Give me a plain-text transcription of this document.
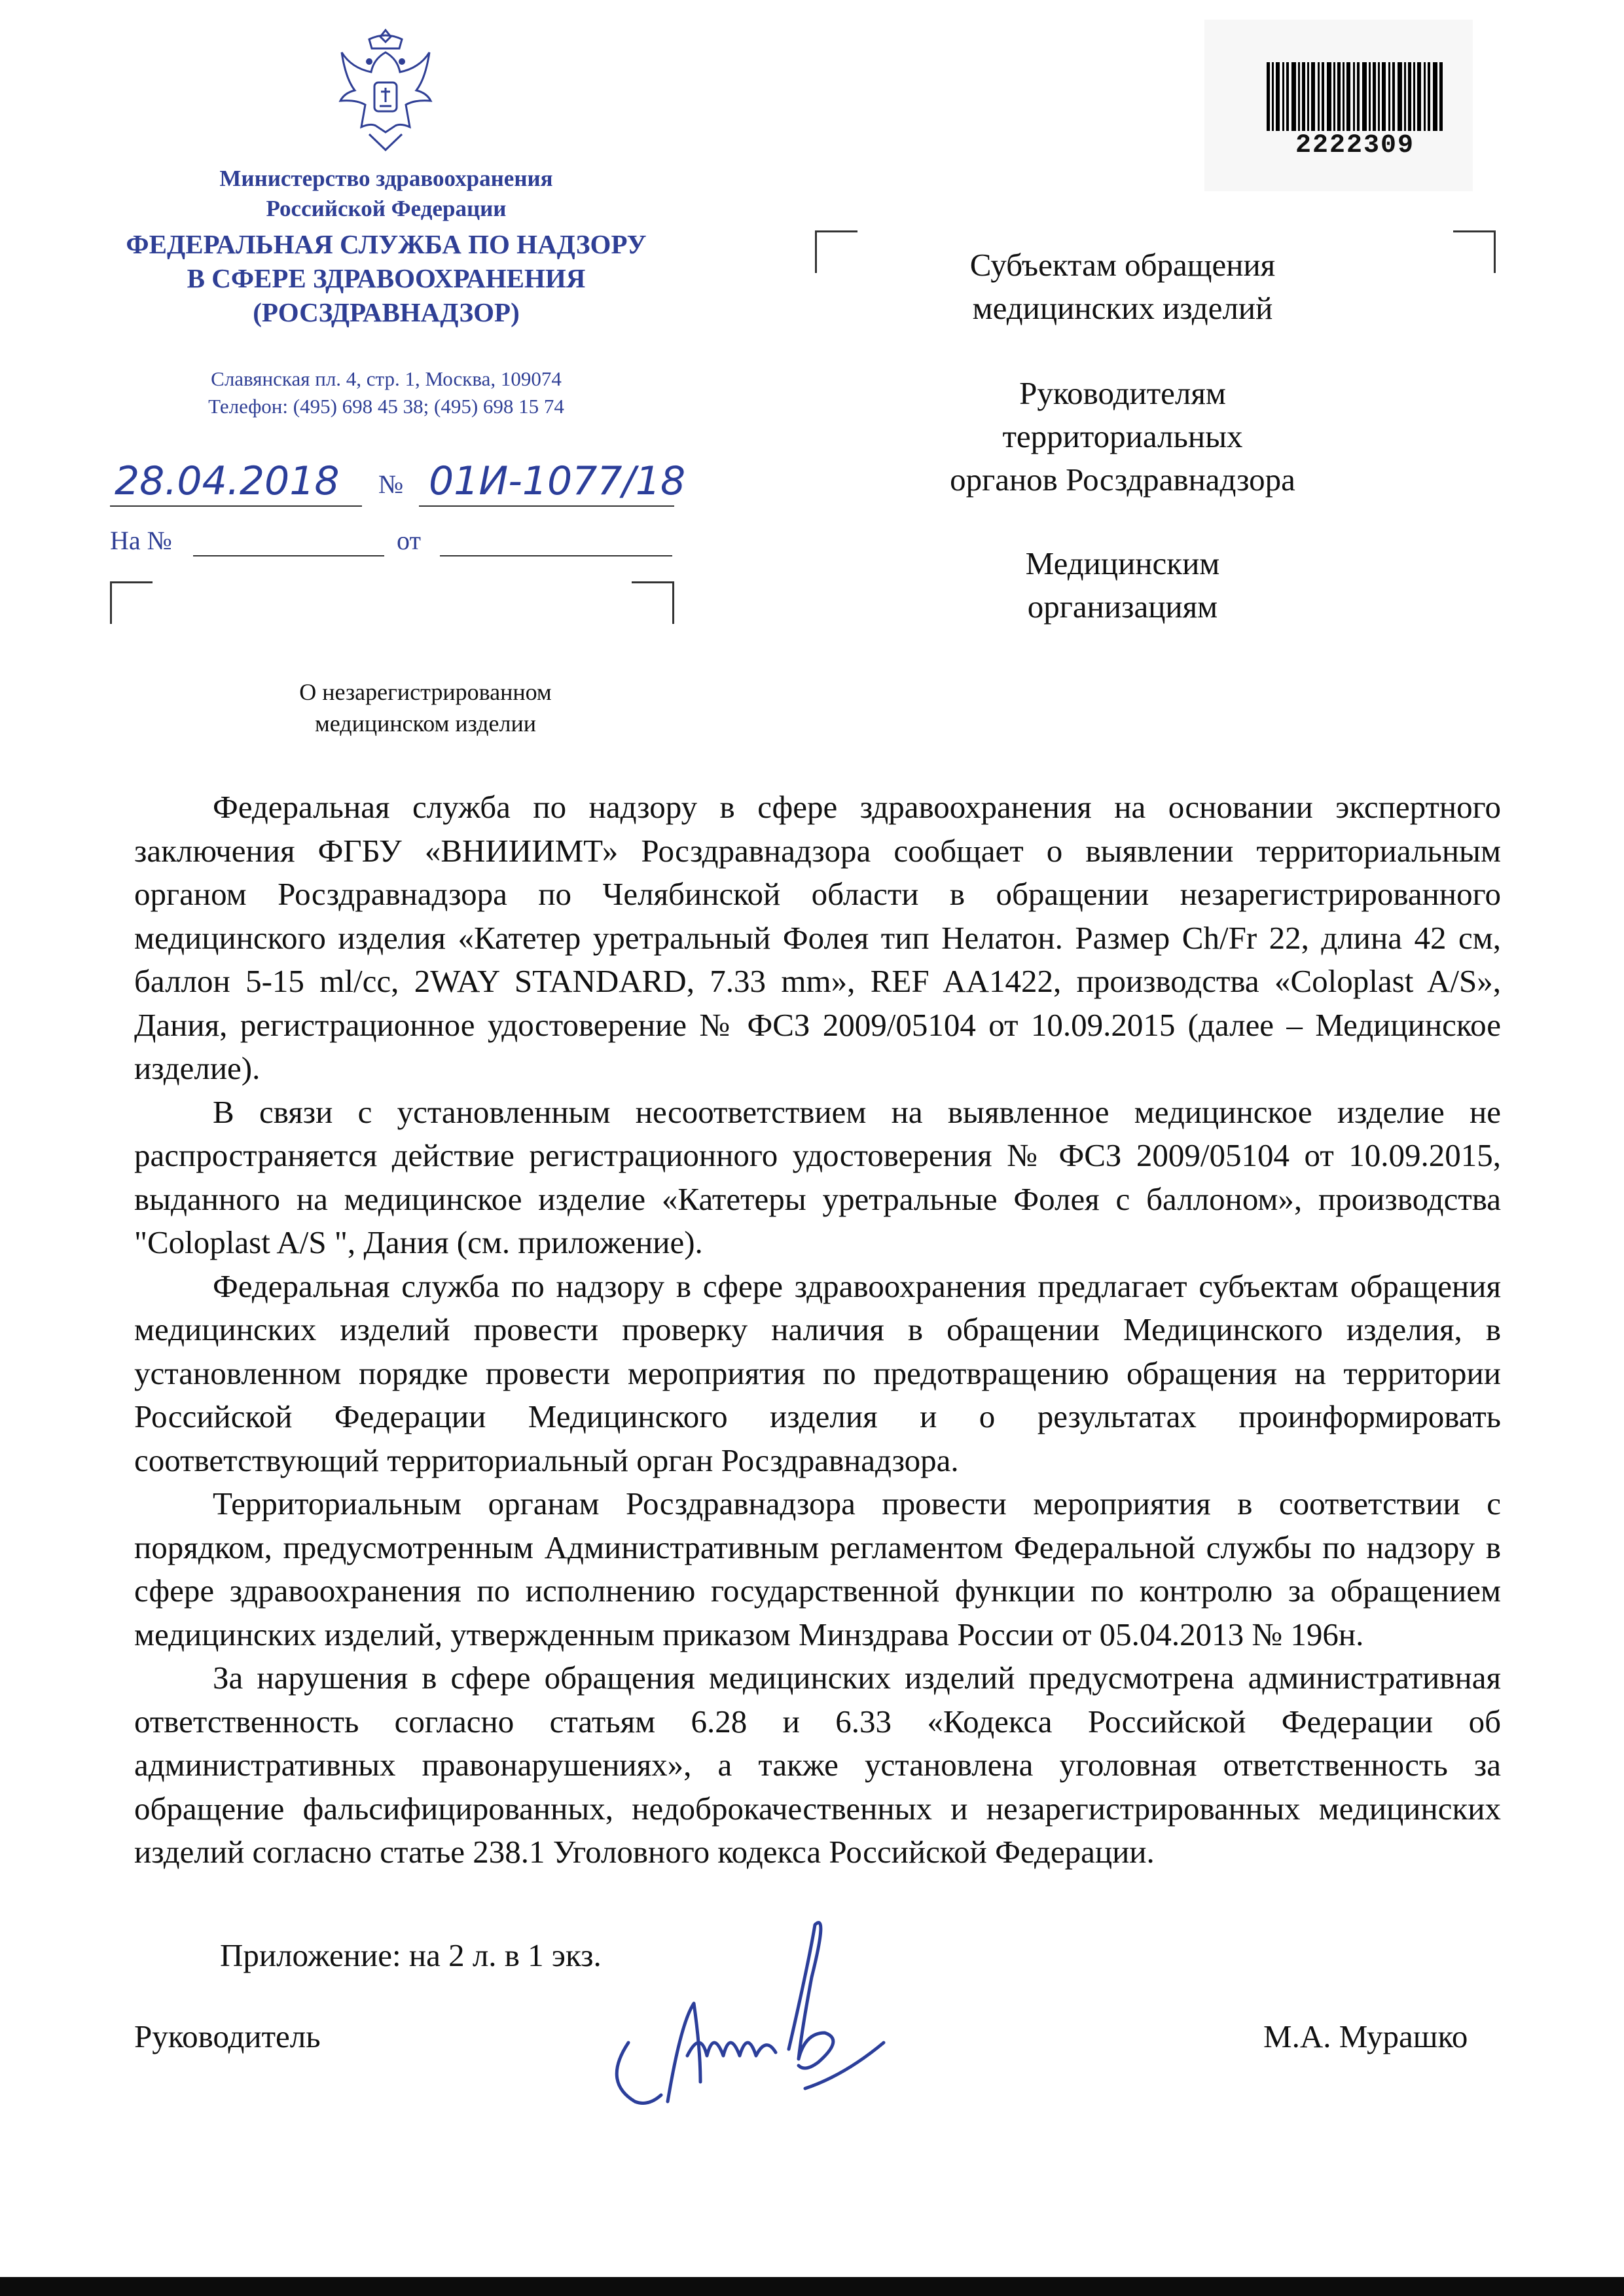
Министерство здравоохранения
Российской Федерации
ФЕДЕРАЛЬНАЯ СЛУЖБА ПО НАДЗОРУ
В СФЕРЕ ЗДРАВООХРАНЕНИЯ
(РОСЗДРАВНАДЗОР)
Славянская пл. 4, стр. 1, Москва, 109074
Телефон: (495) 698 45 38; (495) 698 15 74
28.04.2018 № 01И-1077/18
На №	от
2222309
Субъектам обращения
медицинских изделий
Руководителям
территориальных
органов Росздравнадзора
Медицинским
организациям
О незарегистрированном
медицинском изделии

Федеральная служба по надзору в сфере здравоохранения на основании экспертного заключения ФГБУ «ВНИИИМТ» Росздравнадзора сообщает о выявлении территориальным органом Росздравнадзора по Челябинской области в обращении незарегистрированного медицинского изделия «Катетер уретральный Фолея тип Нелатон. Размер Ch/Fr 22, длина 42 см, баллон 5-15 ml/cc, 2WAY STANDARD, 7.33 mm», REF AA1422, производства «Coloplast A/S», Дания, регистрационное удостоверение № ФСЗ 2009/05104 от 10.09.2015 (далее – Медицинское изделие).

В связи с установленным несоответствием на выявленное медицинское изделие не распространяется действие регистрационного удостоверения № ФСЗ 2009/05104 от 10.09.2015, выданного на медицинское изделие «Катетеры уретральные Фолея с баллоном», производства "Coloplast A/S ", Дания (см. приложение).

Федеральная служба по надзору в сфере здравоохранения предлагает субъектам обращения медицинских изделий провести проверку наличия в обращении Медицинского изделия, в установленном порядке провести мероприятия по предотвращению обращения на территории Российской Федерации Медицинского изделия и о результатах проинформировать соответствующий территориальный орган Росздравнадзора.

Территориальным органам Росздравнадзора провести мероприятия в соответствии с порядком, предусмотренным Административным регламентом Федеральной службы по надзору в сфере здравоохранения по исполнению государственной функции по контролю за обращением медицинских изделий, утвержденным приказом Минздрава России от 05.04.2013 № 196н.

За нарушения в сфере обращения медицинских изделий предусмотрена административная ответственность согласно статьям 6.28 и 6.33 «Кодекса Российской Федерации об административных правонарушениях», а также установлена уголовная ответственность за обращение фальсифицированных, недоброкачественных и незарегистрированных медицинских изделий согласно статье 238.1 Уголовного кодекса Российской Федерации.

Приложение: на 2 л. в 1 экз.
Руководитель	М.А. Мурашко
